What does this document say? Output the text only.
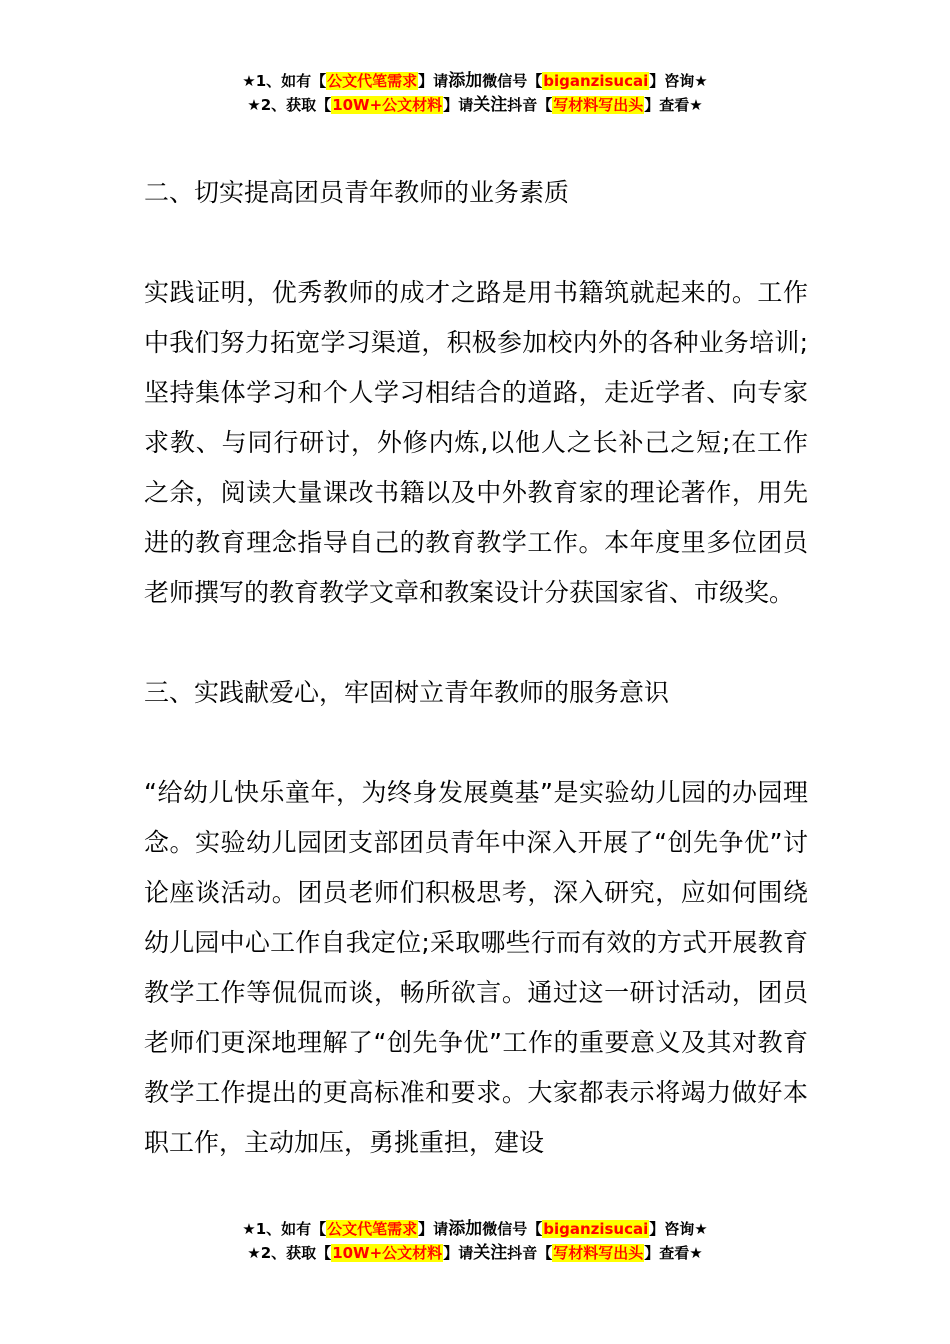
★1、如有【公文代笔需求】请添加微信号【biganzisucai】咨询★
★2、获取【10W+公文材料】请关注抖音【写材料写出头】查看★

二、切实提高团员青年教师的业务素质

实践证明，优秀教师的成才之路是用书籍筑就起来的。工作中我们努力拓宽学习渠道，积极参加校内外的各种业务培训;坚持集体学习和个人学习相结合的道路，走近学者、向专家求教、与同行研讨，外修内炼,以他人之长补己之短;在工作之余，阅读大量课改书籍以及中外教育家的理论著作，用先进的教育理念指导自己的教育教学工作。本年度里多位团员老师撰写的教育教学文章和教案设计分获国家省、市级奖。

三、实践献爱心，牢固树立青年教师的服务意识

“给幼儿快乐童年，为终身发展奠基”是实验幼儿园的办园理念。实验幼儿园团支部团员青年中深入开展了“创先争优”讨论座谈活动。团员老师们积极思考，深入研究，应如何围绕幼儿园中心工作自我定位;采取哪些行而有效的方式开展教育教学工作等侃侃而谈，畅所欲言。通过这一研讨活动，团员老师们更深地理解了“创先争优”工作的重要意义及其对教育教学工作提出的更高标准和要求。大家都表示将竭力做好本职工作，主动加压，勇挑重担，建设

★1、如有【公文代笔需求】请添加微信号【biganzisucai】咨询★
★2、获取【10W+公文材料】请关注抖音【写材料写出头】查看★
